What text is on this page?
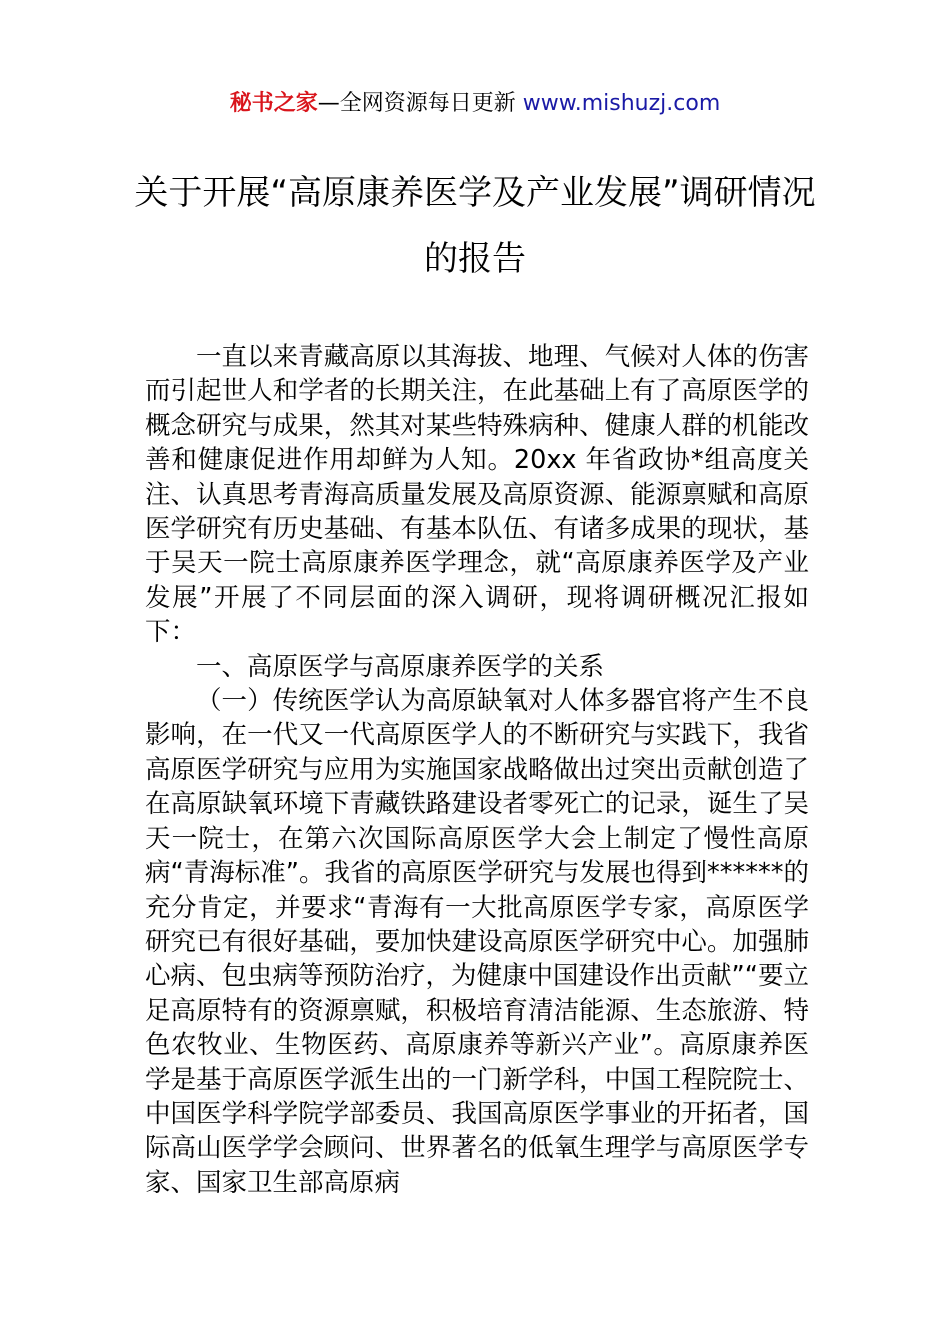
秘书之家—全网资源每日更新 www.mishuzj.com
关于开展“高原康养医学及产业发展”调研情况的报告

一直以来青藏高原以其海拔、地理、气候对人体的伤害而引起世人和学者的长期关注，在此基础上有了高原医学的概念研究与成果，然其对某些特殊病种、健康人群的机能改善和健康促进作用却鲜为人知。20xx 年省政协*组高度关注、认真思考青海高质量发展及高原资源、能源禀赋和高原医学研究有历史基础、有基本队伍、有诸多成果的现状，基于吴天一院士高原康养医学理念，就“高原康养医学及产业发展”开展了不同层面的深入调研，现将调研概况汇报如下：

一、高原医学与高原康养医学的关系

（一）传统医学认为高原缺氧对人体多器官将产生不良影响，在一代又一代高原医学人的不断研究与实践下，我省高原医学研究与应用为实施国家战略做出过突出贡献创造了在高原缺氧环境下青藏铁路建设者零死亡的记录，诞生了吴天一院士，在第六次国际高原医学大会上制定了慢性高原病“青海标准”。我省的高原医学研究与发展也得到******的充分肯定，并要求“青海有一大批高原医学专家，高原医学研究已有很好基础，要加快建设高原医学研究中心。加强肺心病、包虫病等预防治疗，为健康中国建设作出贡献”“要立足高原特有的资源禀赋，积极培育清洁能源、生态旅游、特色农牧业、生物医药、高原康养等新兴产业”。高原康养医学是基于高原医学派生出的一门新学科，中国工程院院士、中国医学科学院学部委员、我国高原医学事业的开拓者，国际高山医学学会顾问、世界著名的低氧生理学与高原医学专家、国家卫生部高原病
